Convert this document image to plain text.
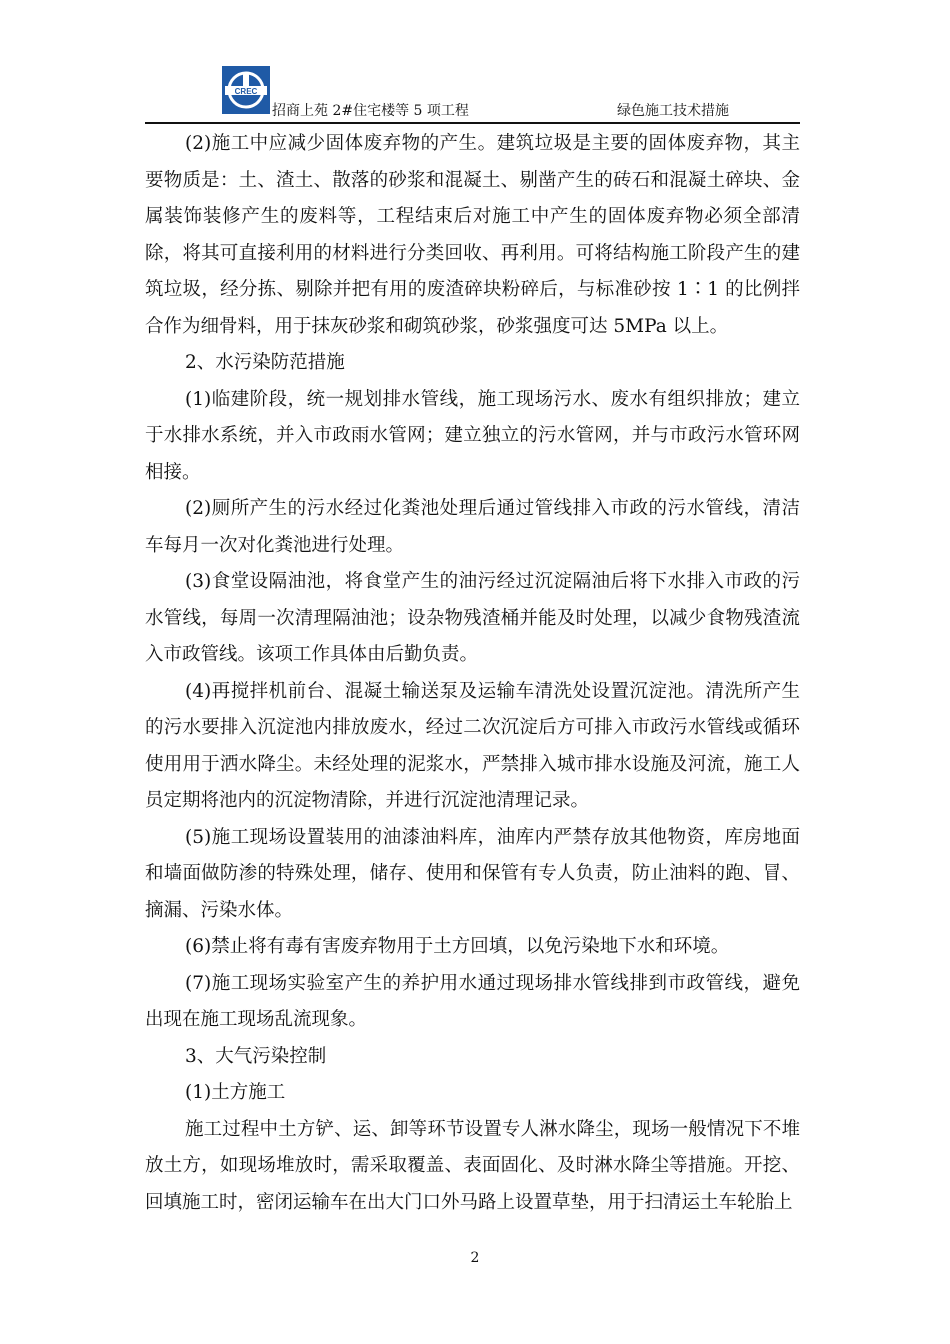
CREC
招商上苑 2#住宅楼等 5 项工程	绿色施工技术措施

(2)施工中应减少固体废弃物的产生。建筑垃圾是主要的固体废弃物，其主要物质是：土、渣土、散落的砂浆和混凝土、剔凿产生的砖石和混凝土碎块、金属装饰装修产生的废料等，工程结束后对施工中产生的固体废弃物必须全部清除，将其可直接利用的材料进行分类回收、再利用。可将结构施工阶段产生的建筑垃圾，经分拣、剔除并把有用的废渣碎块粉碎后，与标准砂按 1∶1 的比例拌合作为细骨料，用于抹灰砂浆和砌筑砂浆，砂浆强度可达 5MPa 以上。

2、水污染防范措施

(1)临建阶段，统一规划排水管线，施工现场污水、废水有组织排放；建立于水排水系统，并入市政雨水管网；建立独立的污水管网，并与市政污水管环网相接。

(2)厕所产生的污水经过化粪池处理后通过管线排入市政的污水管线，清洁车每月一次对化粪池进行处理。

(3)食堂设隔油池，将食堂产生的油污经过沉淀隔油后将下水排入市政的污水管线，每周一次清理隔油池；设杂物残渣桶并能及时处理，以减少食物残渣流入市政管线。该项工作具体由后勤负责。

(4)再搅拌机前台、混凝土输送泵及运输车清洗处设置沉淀池。清洗所产生的污水要排入沉淀池内排放废水，经过二次沉淀后方可排入市政污水管线或循环使用用于洒水降尘。未经处理的泥浆水，严禁排入城市排水设施及河流，施工人员定期将池内的沉淀物清除，并进行沉淀池清理记录。

(5)施工现场设置装用的油漆油料库，油库内严禁存放其他物资，库房地面和墙面做防渗的特殊处理，储存、使用和保管有专人负责，防止油料的跑、冒、摘漏、污染水体。

(6)禁止将有毒有害废弃物用于土方回填，以免污染地下水和环境。

(7)施工现场实验室产生的养护用水通过现场排水管线排到市政管线，避免出现在施工现场乱流现象。

3、大气污染控制

(1)土方施工

施工过程中土方铲、运、卸等环节设置专人淋水降尘，现场一般情况下不堆放土方，如现场堆放时，需采取覆盖、表面固化、及时淋水降尘等措施。开挖、回填施工时，密闭运输车在出大门口外马路上设置草垫，用于扫清运土车轮胎上

2
